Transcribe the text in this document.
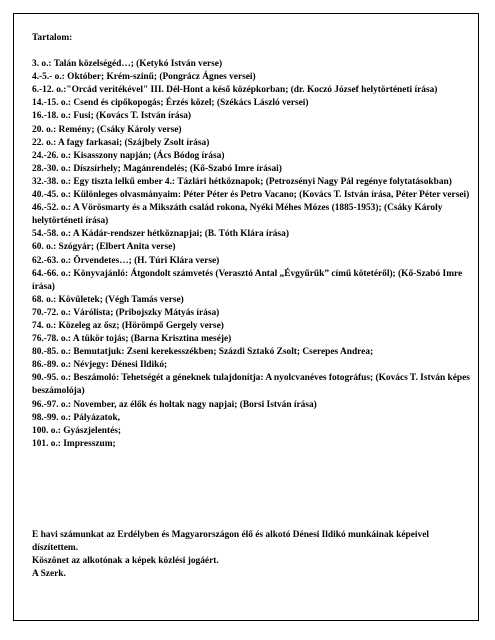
Tartalom:
3. o.: Talán közelségéd…; (Ketykó István verse)
4.-5.- o.: Október; Krém-szinű; (Pongrácz Ágnes versei)
6.-12. o.:"Orcád verítékével" III. Dél-Hont a késő középkorban; (dr. Koczó József helytörténeti írása)
14.-15. o.: Csend és cipőkopogás; Érzés közel; (Székács László versei)
16.-18. o.: Fusi; (Kovács T. István írása)
20. o.: Remény; (Csáky Károly verse)
22. o.: A fagy farkasai; (Szájbely Zsolt írása)
24.-26. o.: Kisasszony napján; (Ács Bódog írása)
28.-30. o.: Díszsírhely; Magánrendelés; (Kő-Szabó Imre írásai)
32.-38. o.: Egy tiszta lelkű ember 4.: Tázlári hétköznapok; (Petrozsényi Nagy Pál regénye folytatásokban)
40.-45. o.: Különleges olvasmányaim: Péter Péter és Petro Vacano; (Kovács T. István írása, Péter Péter versei)
46.-52. o.: A Vörösmarty és a Mikszáth család rokona, Nyéki Méhes Mózes (1885-1953); (Csáky Károly helytörténeti írása)
54.-58. o.: A Kádár-rendszer hétköznapjai; (B. Tóth Klára írása)
60. o.: Szógyár; (Elbert Anita verse)
62.-63. o.: Örvendetes…; (H. Túri Klára verse)
64.-66. o.: Könyvajánló: Átgondolt számvetés (Verasztó Antal „Évgyűrűk” című kötetéről); (Kő-Szabó Imre írása)
68. o.: Kövületek; (Végh Tamás verse)
70.-72. o.: Várólista; (Pribojszky Mátyás írása)
74. o.: Közeleg az ősz; (Hörömpő Gergely verse)
76.-78. o.: A tükör tojás; (Barna Krisztina meséje)
80.-85. o.: Bemutatjuk: Zseni kerekesszékben; Százdi Sztakó Zsolt; Cserepes Andrea;
86.-89. o.: Névjegy: Dénesi Ildikó;
90.-95. o.: Beszámoló: Tehetségét a géneknek tulajdonítja: A nyolcvanéves fotográfus; (Kovács T. István képes beszámolója)
96.-97. o.: November, az élők és holtak nagy napjai; (Borsi István írása)
98.-99. o.: Pályázatok,
100. o.: Gyászjelentés;
101. o.: Impresszum;

E havi számunkat az Erdélyben és Magyarországon élő és alkotó Dénesi Ildikó munkáinak képeivel díszítettem.

Köszönet az alkotónak a képek közlési jogáért.

A Szerk.
